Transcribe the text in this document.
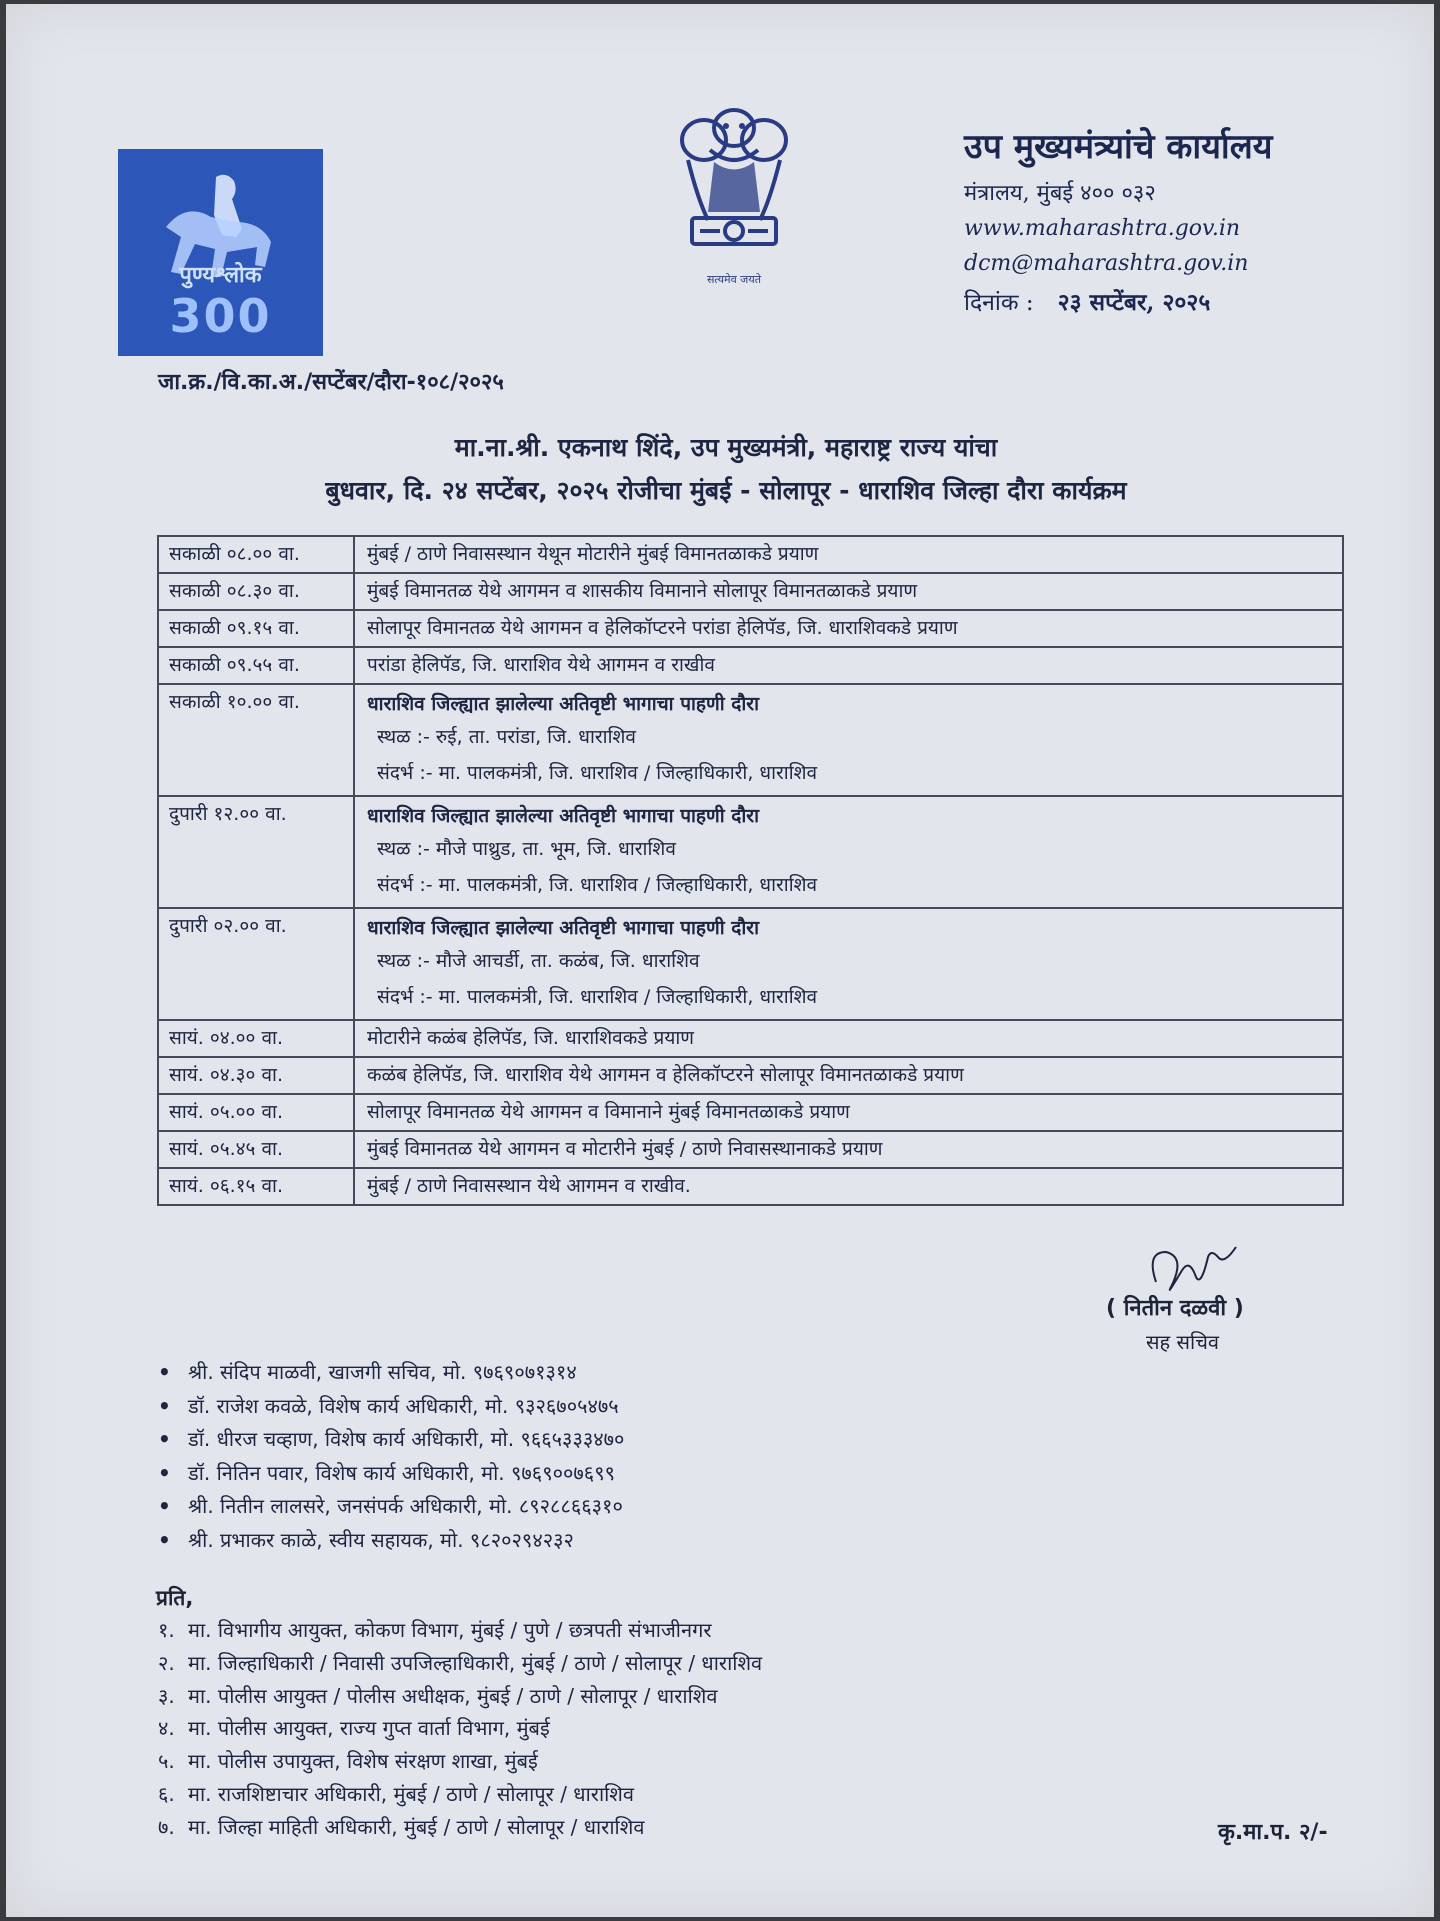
पुण्यश्लोक
300
सत्यमेव जयते
उप मुख्यमंत्र्यांचे कार्यालय
मंत्रालय, मुंबई ४०० ०३२
www.maharashtra.gov.in
dcm@maharashtra.gov.in
दिनांक : २३ सप्टेंबर, २०२५
जा.क्र./वि.का.अ./सप्टेंबर/दौरा-१०८/२०२५
मा.ना.श्री. एकनाथ शिंदे, उप मुख्यमंत्री, महाराष्ट्र राज्य यांचा
बुधवार, दि. २४ सप्टेंबर, २०२५ रोजीचा मुंबई - सोलापूर - धाराशिव जिल्हा दौरा कार्यक्रम
सकाळी ०८.०० वा.	मुंबई / ठाणे निवासस्थान येथून मोटारीने मुंबई विमानतळाकडे प्रयाण
सकाळी ०८.३० वा.	मुंबई विमानतळ येथे आगमन व शासकीय विमानाने सोलापूर विमानतळाकडे प्रयाण
सकाळी ०९.१५ वा.	सोलापूर विमानतळ येथे आगमन व हेलिकॉप्टरने परांडा हेलिपॅड, जि. धाराशिवकडे प्रयाण
सकाळी ०९.५५ वा.	परांडा हेलिपॅड, जि. धाराशिव येथे आगमन व राखीव
सकाळी १०.०० वा.	धाराशिव जिल्ह्यात झालेल्या अतिवृष्टी भागाचा पाहणी दौरा
स्थळ :- रुई, ता. परांडा, जि. धाराशिव
संदर्भ :- मा. पालकमंत्री, जि. धाराशिव / जिल्हाधिकारी, धाराशिव

दुपारी १२.०० वा.	धाराशिव जिल्ह्यात झालेल्या अतिवृष्टी भागाचा पाहणी दौरा
स्थळ :- मौजे पाथ्रुड, ता. भूम, जि. धाराशिव
संदर्भ :- मा. पालकमंत्री, जि. धाराशिव / जिल्हाधिकारी, धाराशिव

दुपारी ०२.०० वा.	धाराशिव जिल्ह्यात झालेल्या अतिवृष्टी भागाचा पाहणी दौरा
स्थळ :- मौजे आचर्डी, ता. कळंब, जि. धाराशिव
संदर्भ :- मा. पालकमंत्री, जि. धाराशिव / जिल्हाधिकारी, धाराशिव

सायं. ०४.०० वा.	मोटारीने कळंब हेलिपॅड, जि. धाराशिवकडे प्रयाण
सायं. ०४.३० वा.	कळंब हेलिपॅड, जि. धाराशिव येथे आगमन व हेलिकॉप्टरने सोलापूर विमानतळाकडे प्रयाण
सायं. ०५.०० वा.	सोलापूर विमानतळ येथे आगमन व विमानाने मुंबई विमानतळाकडे प्रयाण
सायं. ०५.४५ वा.	मुंबई विमानतळ येथे आगमन व मोटारीने मुंबई / ठाणे निवासस्थानाकडे प्रयाण
सायं. ०६.१५ वा.	मुंबई / ठाणे निवासस्थान येथे आगमन व राखीव.
( नितीन दळवी )
सह सचिव
• श्री. संदिप माळवी, खाजगी सचिव, मो. ९७६९०७१३१४
• डॉ. राजेश कवळे, विशेष कार्य अधिकारी, मो. ९३२६७०५४७५
• डॉ. धीरज चव्हाण, विशेष कार्य अधिकारी, मो. ९६६५३३३४७०
• डॉ. नितिन पवार, विशेष कार्य अधिकारी, मो. ९७६९००७६९९
• श्री. नितीन लालसरे, जनसंपर्क अधिकारी, मो. ८९२८८६६३१०
• श्री. प्रभाकर काळे, स्वीय सहायक, मो. ९८२०२९४२३२
प्रति,
१. मा. विभागीय आयुक्त, कोकण विभाग, मुंबई / पुणे / छत्रपती संभाजीनगर
२. मा. जिल्हाधिकारी / निवासी उपजिल्हाधिकारी, मुंबई / ठाणे / सोलापूर / धाराशिव
३. मा. पोलीस आयुक्त / पोलीस अधीक्षक, मुंबई / ठाणे / सोलापूर / धाराशिव
४. मा. पोलीस आयुक्त, राज्य गुप्त वार्ता विभाग, मुंबई
५. मा. पोलीस उपायुक्त, विशेष संरक्षण शाखा, मुंबई
६. मा. राजशिष्टाचार अधिकारी, मुंबई / ठाणे / सोलापूर / धाराशिव
७. मा. जिल्हा माहिती अधिकारी, मुंबई / ठाणे / सोलापूर / धाराशिव	कृ.मा.प. २/-
